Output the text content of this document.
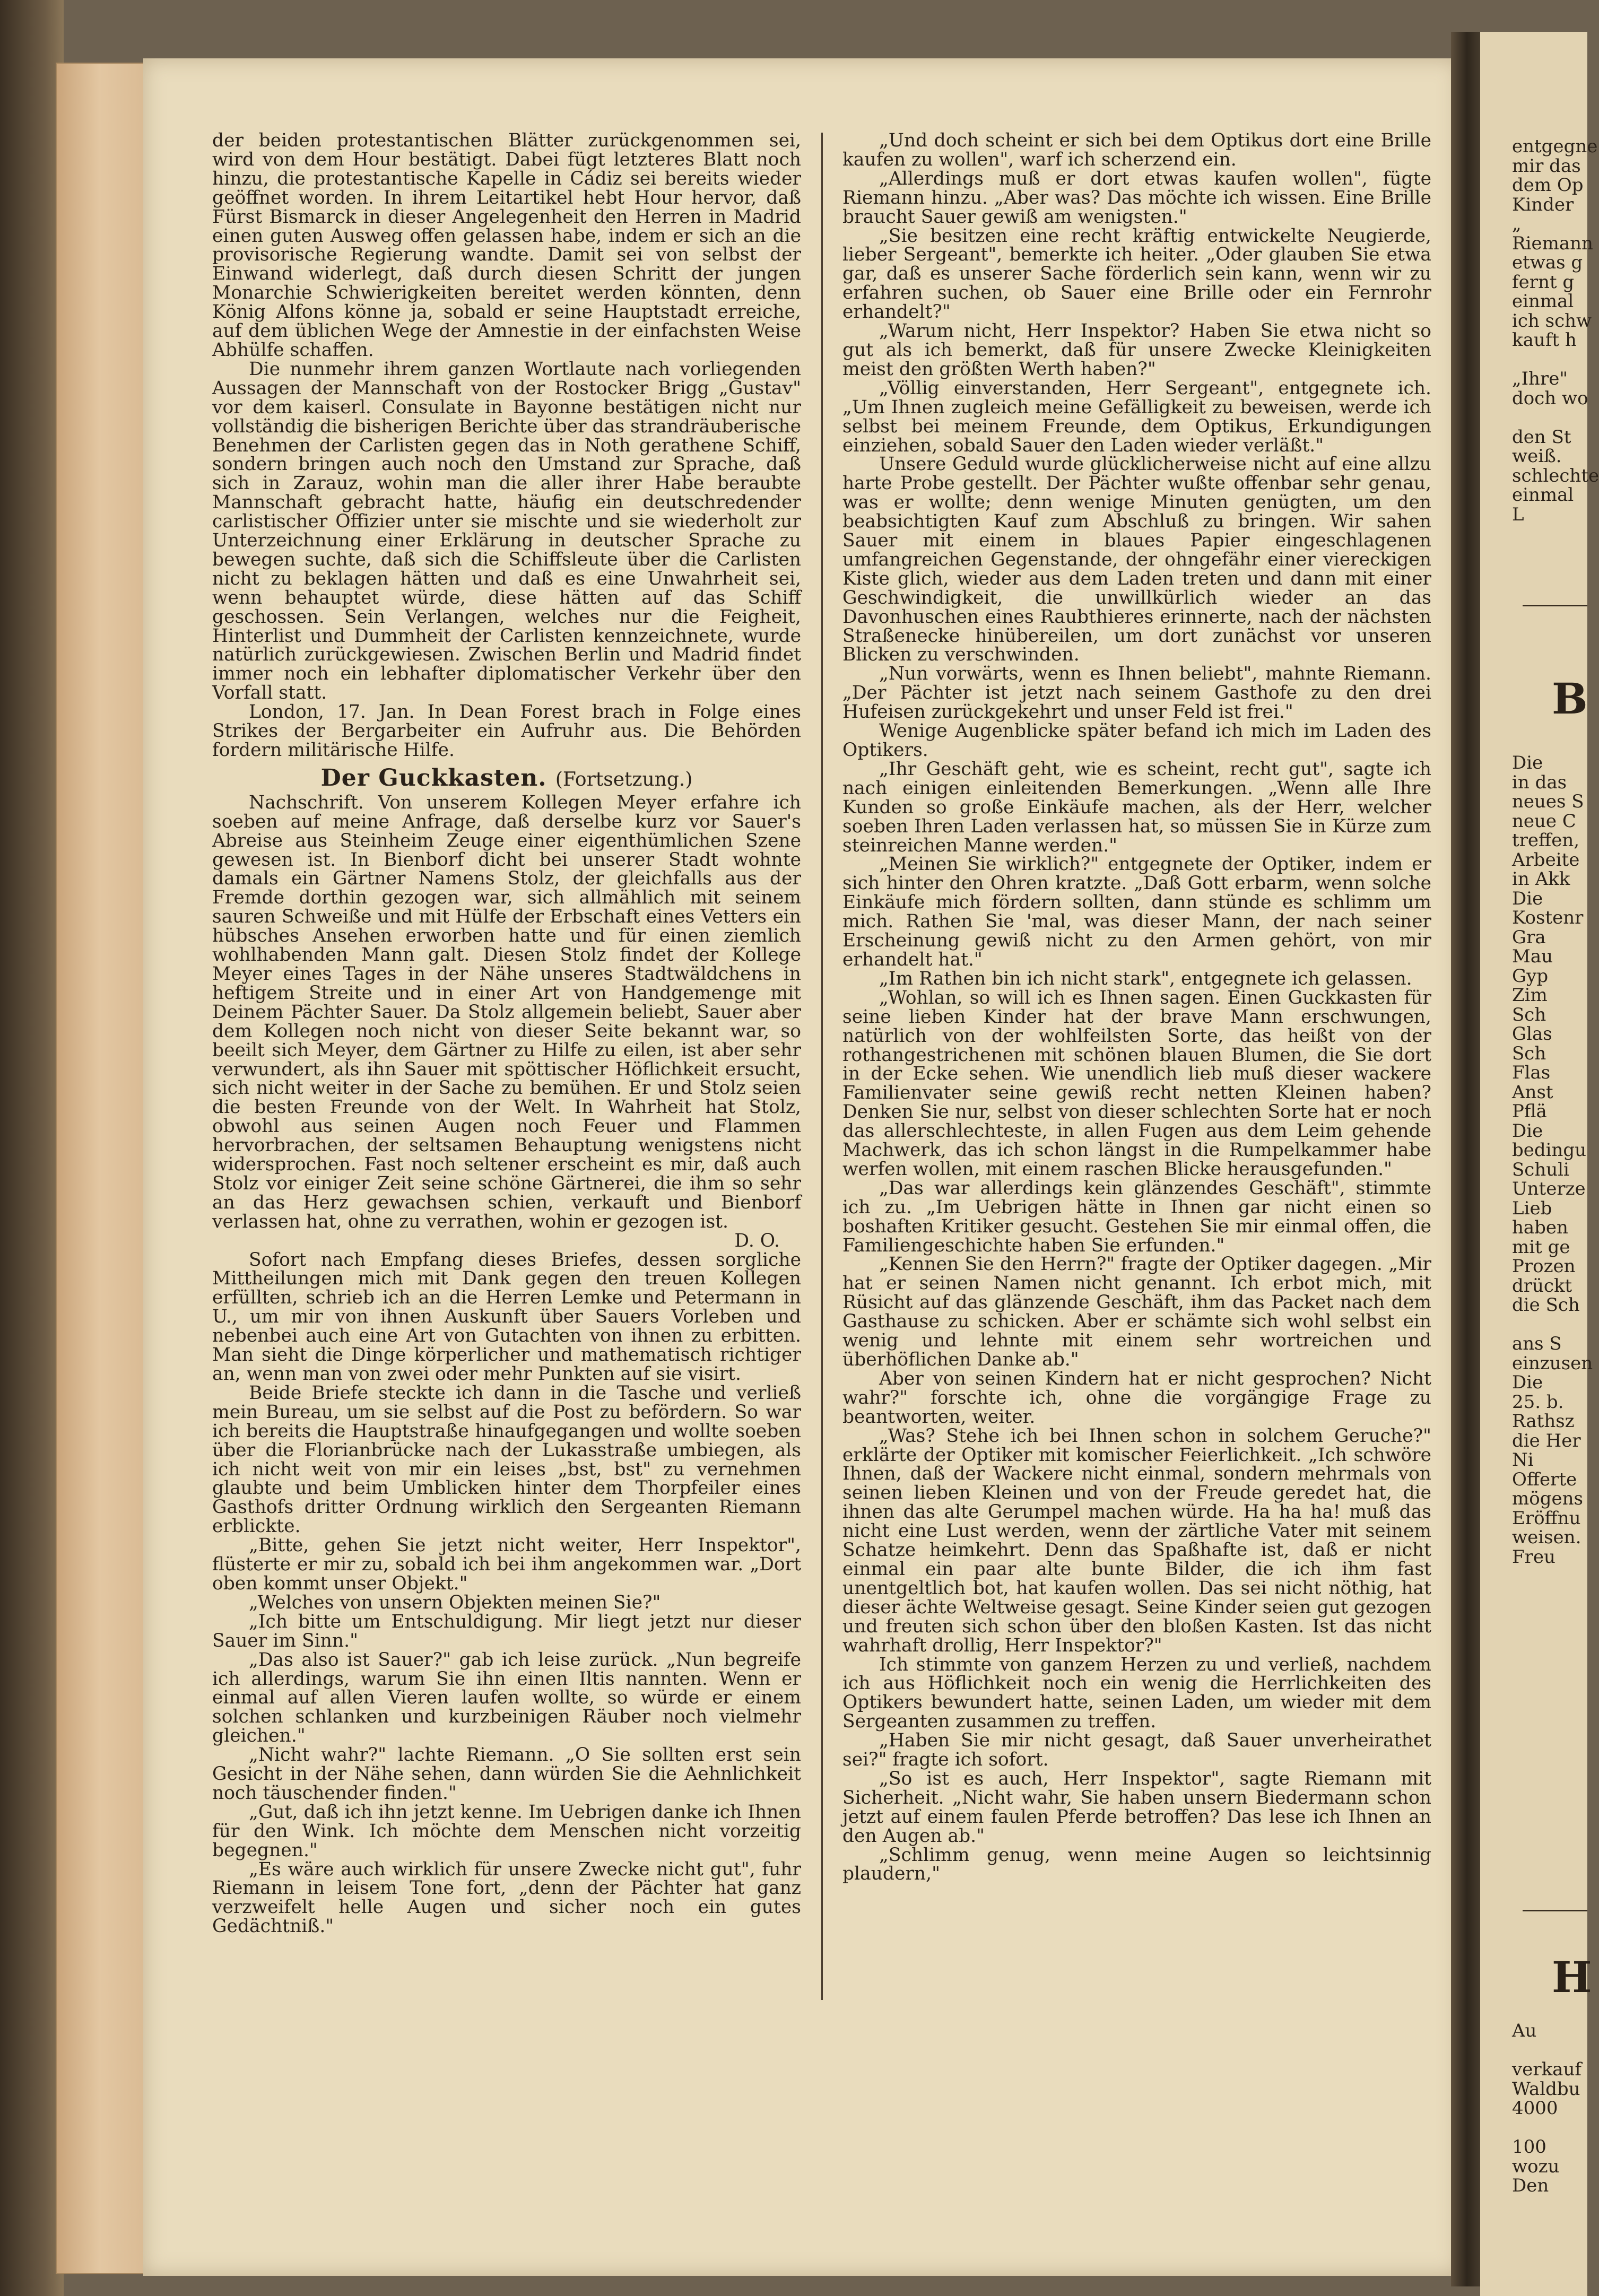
der beiden protestantischen Blätter zurückgenommen sei, wird von dem Hour bestätigt. Dabei fügt letzteres Blatt noch hinzu, die protestantische Kapelle in Cádiz sei bereits wieder geöffnet worden. In ihrem Leitartikel hebt Hour hervor, daß Fürst Bismarck in dieser Angelegenheit den Herren in Madrid einen guten Ausweg offen gelassen habe, indem er sich an die provisorische Regierung wandte. Damit sei von selbst der Einwand widerlegt, daß durch diesen Schritt der jungen Monarchie Schwierigkeiten bereitet werden könnten, denn König Alfons könne ja, sobald er seine Hauptstadt erreiche, auf dem üblichen Wege der Amnestie in der einfachsten Weise Abhülfe schaffen.

Die nunmehr ihrem ganzen Wortlaute nach vorliegenden Aussagen der Mannschaft von der Rostocker Brigg „Gustav" vor dem kaiserl. Consulate in Bayonne bestätigen nicht nur vollständig die bisherigen Berichte über das strandräuberische Benehmen der Carlisten gegen das in Noth gerathene Schiff, sondern bringen auch noch den Umstand zur Sprache, daß sich in Zarauz, wohin man die aller ihrer Habe beraubte Mannschaft gebracht hatte, häufig ein deutschredender carlistischer Offizier unter sie mischte und sie wiederholt zur Unterzeichnung einer Erklärung in deutscher Sprache zu bewegen suchte, daß sich die Schiffsleute über die Carlisten nicht zu beklagen hätten und daß es eine Unwahrheit sei, wenn behauptet würde, diese hätten auf das Schiff geschossen. Sein Verlangen, welches nur die Feigheit, Hinterlist und Dummheit der Carlisten kennzeichnete, wurde natürlich zurückgewiesen. Zwischen Berlin und Madrid findet immer noch ein lebhafter diplomatischer Verkehr über den Vorfall statt.

London, 17. Jan. In Dean Forest brach in Folge eines Strikes der Bergarbeiter ein Aufruhr aus. Die Behörden fordern militärische Hilfe.

Der Guckkasten. (Fortsetzung.)

Nachschrift. Von unserem Kollegen Meyer erfahre ich soeben auf meine Anfrage, daß derselbe kurz vor Sauer's Abreise aus Steinheim Zeuge einer eigenthümlichen Szene gewesen ist. In Bienborf dicht bei unserer Stadt wohnte damals ein Gärtner Namens Stolz, der gleichfalls aus der Fremde dorthin gezogen war, sich allmählich mit seinem sauren Schweiße und mit Hülfe der Erbschaft eines Vetters ein hübsches Ansehen erworben hatte und für einen ziemlich wohlhabenden Mann galt. Diesen Stolz findet der Kollege Meyer eines Tages in der Nähe unseres Stadtwäldchens in heftigem Streite und in einer Art von Handgemenge mit Deinem Pächter Sauer. Da Stolz allgemein beliebt, Sauer aber dem Kollegen noch nicht von dieser Seite bekannt war, so beeilt sich Meyer, dem Gärtner zu Hilfe zu eilen, ist aber sehr verwundert, als ihn Sauer mit spöttischer Höflichkeit ersucht, sich nicht weiter in der Sache zu bemühen. Er und Stolz seien die besten Freunde von der Welt. In Wahrheit hat Stolz, obwohl aus seinen Augen noch Feuer und Flammen hervorbrachen, der seltsamen Behauptung wenigstens nicht widersprochen. Fast noch seltener erscheint es mir, daß auch Stolz vor einiger Zeit seine schöne Gärtnerei, die ihm so sehr an das Herz gewachsen schien, verkauft und Bienborf verlassen hat, ohne zu verrathen, wohin er gezogen ist.

D. O.

Sofort nach Empfang dieses Briefes, dessen sorgliche Mittheilungen mich mit Dank gegen den treuen Kollegen erfüllten, schrieb ich an die Herren Lemke und Petermann in U., um mir von ihnen Auskunft über Sauers Vorleben und nebenbei auch eine Art von Gutachten von ihnen zu erbitten. Man sieht die Dinge körperlicher und mathematisch richtiger an, wenn man von zwei oder mehr Punkten auf sie visirt.

Beide Briefe steckte ich dann in die Tasche und verließ mein Bureau, um sie selbst auf die Post zu befördern. So war ich bereits die Hauptstraße hinaufgegangen und wollte soeben über die Florianbrücke nach der Lukasstraße umbiegen, als ich nicht weit von mir ein leises „bst, bst" zu vernehmen glaubte und beim Umblicken hinter dem Thorpfeiler eines Gasthofs dritter Ordnung wirklich den Sergeanten Riemann erblickte.

„Bitte, gehen Sie jetzt nicht weiter, Herr Inspektor", flüsterte er mir zu, sobald ich bei ihm angekommen war. „Dort oben kommt unser Objekt."

„Welches von unsern Objekten meinen Sie?"

„Ich bitte um Entschuldigung. Mir liegt jetzt nur dieser Sauer im Sinn."

„Das also ist Sauer?" gab ich leise zurück. „Nun begreife ich allerdings, warum Sie ihn einen Iltis nannten. Wenn er einmal auf allen Vieren laufen wollte, so würde er einem solchen schlanken und kurzbeinigen Räuber noch vielmehr gleichen."

„Nicht wahr?" lachte Riemann. „O Sie sollten erst sein Gesicht in der Nähe sehen, dann würden Sie die Aehnlichkeit noch täuschender finden."

„Gut, daß ich ihn jetzt kenne. Im Uebrigen danke ich Ihnen für den Wink. Ich möchte dem Menschen nicht vorzeitig begegnen."

„Es wäre auch wirklich für unsere Zwecke nicht gut", fuhr Riemann in leisem Tone fort, „denn der Pächter hat ganz verzweifelt helle Augen und sicher noch ein gutes Gedächtniß."

„Und doch scheint er sich bei dem Optikus dort eine Brille kaufen zu wollen", warf ich scherzend ein.

„Allerdings muß er dort etwas kaufen wollen", fügte Riemann hinzu. „Aber was? Das möchte ich wissen. Eine Brille braucht Sauer gewiß am wenigsten."

„Sie besitzen eine recht kräftig entwickelte Neugierde, lieber Sergeant", bemerkte ich heiter. „Oder glauben Sie etwa gar, daß es unserer Sache förderlich sein kann, wenn wir zu erfahren suchen, ob Sauer eine Brille oder ein Fernrohr erhandelt?"

„Warum nicht, Herr Inspektor? Haben Sie etwa nicht so gut als ich bemerkt, daß für unsere Zwecke Kleinigkeiten meist den größten Werth haben?"

„Völlig einverstanden, Herr Sergeant", entgegnete ich. „Um Ihnen zugleich meine Gefälligkeit zu beweisen, werde ich selbst bei meinem Freunde, dem Optikus, Erkundigungen einziehen, sobald Sauer den Laden wieder verläßt."

Unsere Geduld wurde glücklicherweise nicht auf eine allzu harte Probe gestellt. Der Pächter wußte offenbar sehr genau, was er wollte; denn wenige Minuten genügten, um den beabsichtigten Kauf zum Abschluß zu bringen. Wir sahen Sauer mit einem in blaues Papier eingeschlagenen umfangreichen Gegenstande, der ohngefähr einer viereckigen Kiste glich, wieder aus dem Laden treten und dann mit einer Geschwindigkeit, die unwillkürlich wieder an das Davonhuschen eines Raubthieres erinnerte, nach der nächsten Straßenecke hinübereilen, um dort zunächst vor unseren Blicken zu verschwinden.

„Nun vorwärts, wenn es Ihnen beliebt", mahnte Riemann. „Der Pächter ist jetzt nach seinem Gasthofe zu den drei Hufeisen zurückgekehrt und unser Feld ist frei."

Wenige Augenblicke später befand ich mich im Laden des Optikers.

„Ihr Geschäft geht, wie es scheint, recht gut", sagte ich nach einigen einleitenden Bemerkungen. „Wenn alle Ihre Kunden so große Einkäufe machen, als der Herr, welcher soeben Ihren Laden verlassen hat, so müssen Sie in Kürze zum steinreichen Manne werden."

„Meinen Sie wirklich?" entgegnete der Optiker, indem er sich hinter den Ohren kratzte. „Daß Gott erbarm, wenn solche Einkäufe mich fördern sollten, dann stünde es schlimm um mich. Rathen Sie 'mal, was dieser Mann, der nach seiner Erscheinung gewiß nicht zu den Armen gehört, von mir erhandelt hat."

„Im Rathen bin ich nicht stark", entgegnete ich gelassen.

„Wohlan, so will ich es Ihnen sagen. Einen Guckkasten für seine lieben Kinder hat der brave Mann erschwungen, natürlich von der wohlfeilsten Sorte, das heißt von der rothangestrichenen mit schönen blauen Blumen, die Sie dort in der Ecke sehen. Wie unendlich lieb muß dieser wackere Familienvater seine gewiß recht netten Kleinen haben? Denken Sie nur, selbst von dieser schlechten Sorte hat er noch das allerschlechteste, in allen Fugen aus dem Leim gehende Machwerk, das ich schon längst in die Rumpelkammer habe werfen wollen, mit einem raschen Blicke herausgefunden."

„Das war allerdings kein glänzendes Geschäft", stimmte ich zu. „Im Uebrigen hätte in Ihnen gar nicht einen so boshaften Kritiker gesucht. Gestehen Sie mir einmal offen, die Familiengeschichte haben Sie erfunden."

„Kennen Sie den Herrn?" fragte der Optiker dagegen. „Mir hat er seinen Namen nicht genannt. Ich erbot mich, mit Rüsicht auf das glänzende Geschäft, ihm das Packet nach dem Gasthause zu schicken. Aber er schämte sich wohl selbst ein wenig und lehnte mit einem sehr wortreichen und überhöflichen Danke ab."

Aber von seinen Kindern hat er nicht gesprochen? Nicht wahr?" forschte ich, ohne die vorgängige Frage zu beantworten, weiter.

„Was? Stehe ich bei Ihnen schon in solchem Geruche?" erklärte der Optiker mit komischer Feierlichkeit. „Ich schwöre Ihnen, daß der Wackere nicht einmal, sondern mehrmals von seinen lieben Kleinen und von der Freude geredet hat, die ihnen das alte Gerumpel machen würde. Ha ha ha! muß das nicht eine Lust werden, wenn der zärtliche Vater mit seinem Schatze heimkehrt. Denn das Spaßhafte ist, daß er nicht einmal ein paar alte bunte Bilder, die ich ihm fast unentgeltlich bot, hat kaufen wollen. Das sei nicht nöthig, hat dieser ächte Weltweise gesagt. Seine Kinder seien gut gezogen und freuten sich schon über den bloßen Kasten. Ist das nicht wahrhaft drollig, Herr Inspektor?"

Ich stimmte von ganzem Herzen zu und verließ, nachdem ich aus Höflichkeit noch ein wenig die Herrlichkeiten des Optikers bewundert hatte, seinen Laden, um wieder mit dem Sergeanten zusammen zu treffen.

„Haben Sie mir nicht gesagt, daß Sauer unverheirathet sei?" fragte ich sofort.

„So ist es auch, Herr Inspektor", sagte Riemann mit Sicherheit. „Nicht wahr, Sie haben unsern Biedermann schon jetzt auf einem faulen Pferde betroffen? Das lese ich Ihnen an den Augen ab."

„Schlimm genug, wenn meine Augen so leichtsinnig plaudern,"

entgegne
mir das
dem Op
Kinder
„
Riemann
etwas g
fernt g
einmal
ich schw
kauft h
„Ihre"
doch wo
den St
weiß.
schlechte
einmal
L
B
Die
in das
neues S
neue C
treffen,
Arbeite
in Akk
Die
Kostenr
Gra
Mau
Gyp
Zim
Sch
Glas
Sch
Flas
Anst
Pflä
Die
bedingu
Schuli
Unterze
Lieb
haben
mit ge
Prozen
drückt
die Sch
ans S
einzusen
Die
25. b.
Rathsz
die Her
Ni
Offerte
mögens
Eröffnu
weisen.
Freu
H
Au
verkauf
Waldbu
4000
100
wozu
Den
